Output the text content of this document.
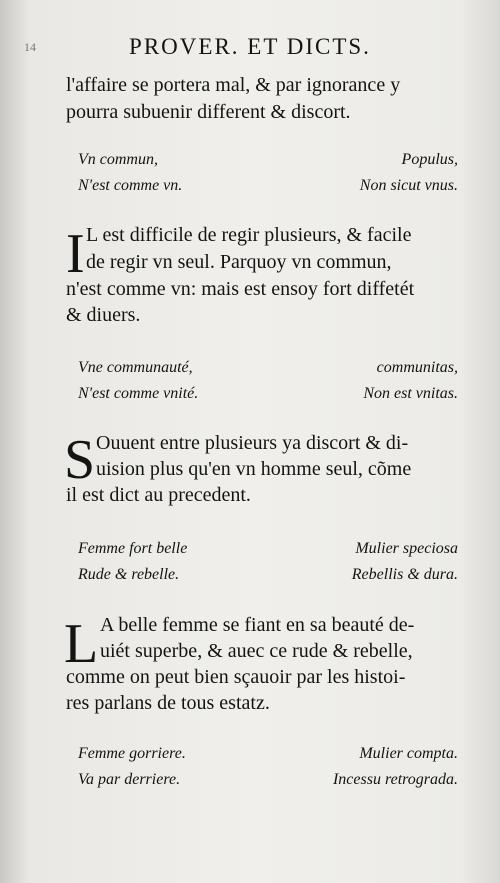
14	PROVER. ET DICTS.
l'affaire se portera mal, & par ignorance y
pourra subuenir different & discort.
Vn commun,	Populus,
N'est comme vn.	Non sicut vnus.
I L est difficile de regir plusieurs, & facile
de regir vn seul. Parquoy vn commun,
n'est comme vn: mais est ensoy fort diffetét
& diuers.
Vne communauté,	communitas,
N'est comme vnité.	Non est vnitas.
S Ouuent entre plusieurs ya discort & di-
uision plus qu'en vn homme seul, cõme
il est dict au precedent.
Femme fort belle	Mulier speciosa
Rude & rebelle.	Rebellis & dura.
L A belle femme se fiant en sa beauté de-
uiét superbe, & auec ce rude & rebelle,
comme on peut bien sçauoir par les histoi-
res parlans de tous estatz.
Femme gorriere.	Mulier compta.
Va par derriere.	Incessu retrograda.
